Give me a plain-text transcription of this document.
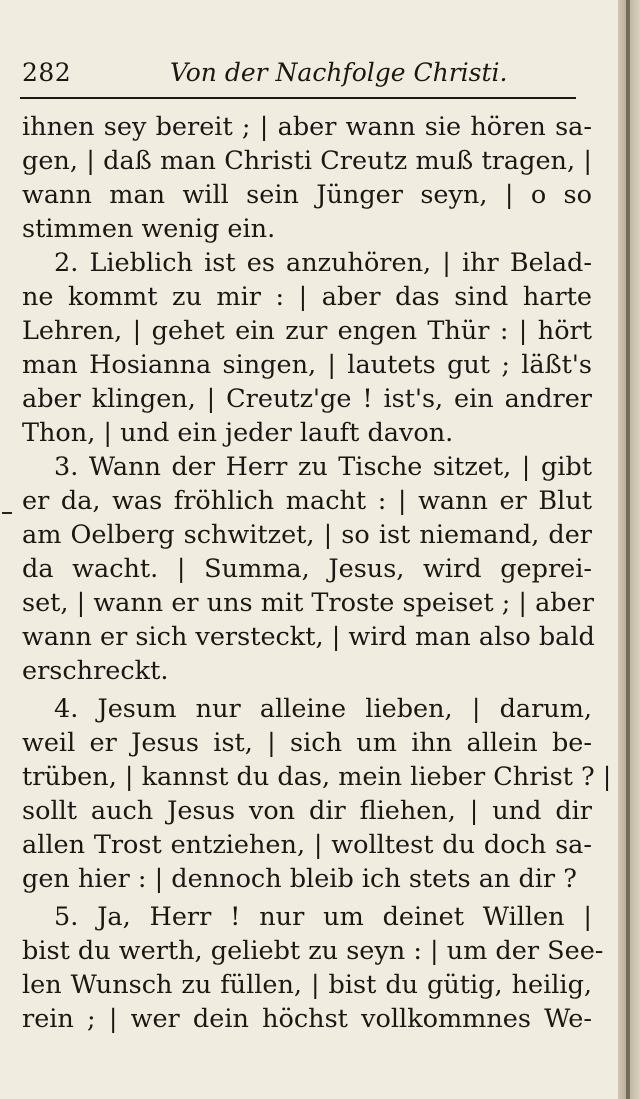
282	Von der Nachfolge Christi.
ihnen sey bereit ; | aber wann sie hören sa-
gen, | daß man Christi Creutz muß tragen, |
wann man will sein Jünger seyn, | o so
stimmen wenig ein.
2. Lieblich ist es anzuhören, | ihr Belad-
ne kommt zu mir : | aber das sind harte
Lehren, | gehet ein zur engen Thür : | hört
man Hosianna singen, | lautets gut ; läßt's
aber klingen, | Creutz'ge ! ist's, ein andrer
Thon, | und ein jeder lauft davon.
3. Wann der Herr zu Tische sitzet, | gibt
er da, was fröhlich macht : | wann er Blut
am Oelberg schwitzet, | so ist niemand, der
da wacht. | Summa, Jesus, wird geprei-
set, | wann er uns mit Troste speiset ; | aber
wann er sich versteckt, | wird man also bald
erschreckt.
4. Jesum nur alleine lieben, | darum,
weil er Jesus ist, | sich um ihn allein be-
trüben, | kannst du das, mein lieber Christ ? |
sollt auch Jesus von dir fliehen, | und dir
allen Trost entziehen, | wolltest du doch sa-
gen hier : | dennoch bleib ich stets an dir ?
5. Ja, Herr ! nur um deinet Willen |
bist du werth, geliebt zu seyn : | um der See-
len Wunsch zu füllen, | bist du gütig, heilig,
rein ; | wer dein höchst vollkommnes We-
